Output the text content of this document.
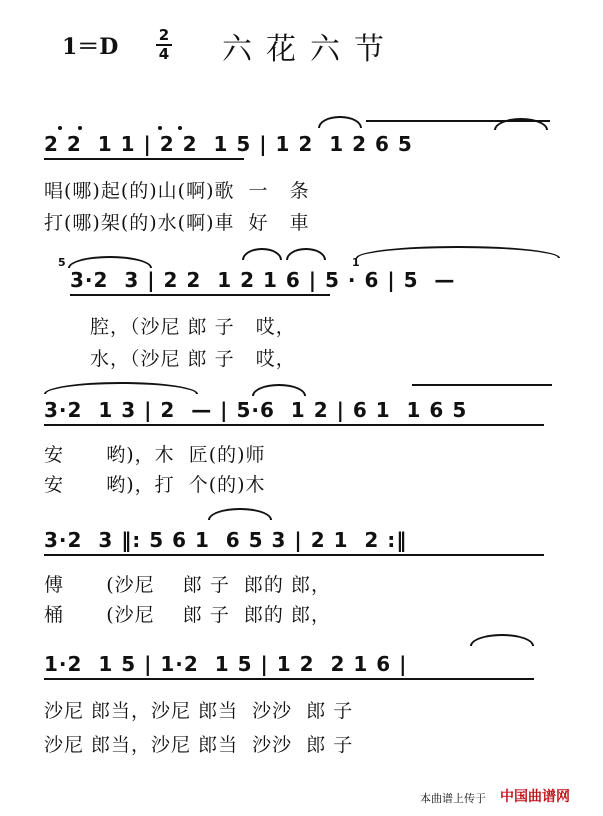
1＝D	2
4 六花六节
2 2  1 1 | 2 2  1 5 | 1 2  1 2 6 5
唱(哪)起(的)山(啊)歌  一   条
打(哪)架(的)水(啊)車  好   車
5	1
3·2  3 | 2 2  1 2 1 6 | 5 · 6 | 5  —
腔，（沙尼 郎 子   哎，
水，（沙尼 郎 子   哎，
3·2  1 3 | 2  — | 5·6  1 2 | 6 1  1 6 5
安      哟)，木  匠(的)师
安      哟)，打  个(的)木
3·2  3 ‖: 5 6 1  6 5 3 | 2 1  2 :‖
傅      (沙尼    郎 子  郎的 郎，
桶      (沙尼    郎 子  郎的 郎，
1·2  1 5 | 1·2  1 5 | 1 2  2 1 6 |
沙尼 郎当，沙尼 郎当  沙沙  郎 子
沙尼 郎当，沙尼 郎当  沙沙  郎 子
本曲谱上传于 中国曲谱网
